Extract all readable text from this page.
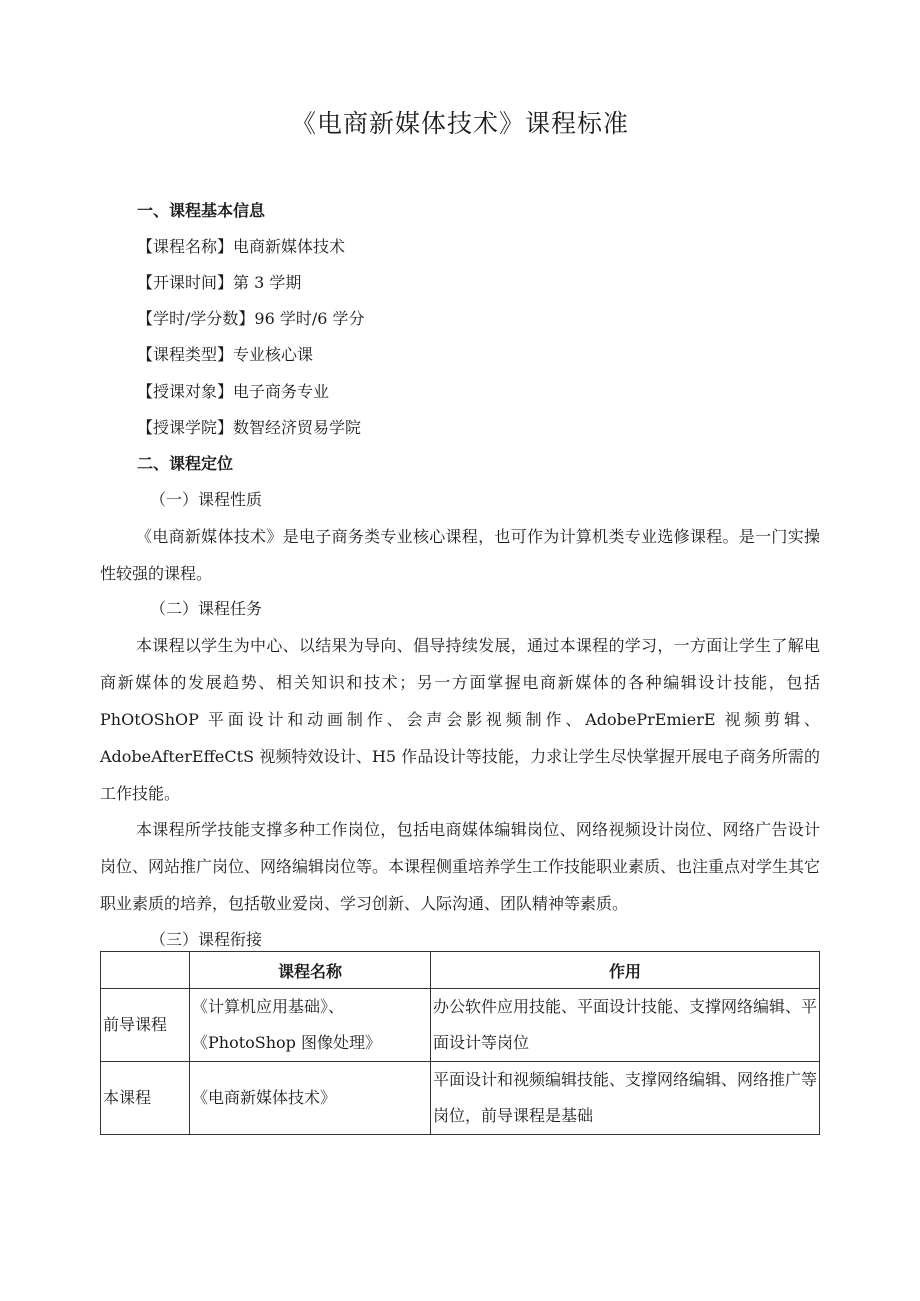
《电商新媒体技术》课程标准
一、课程基本信息
【课程名称】电商新媒体技术
【开课时间】第 3 学期
【学时/学分数】96 学时/6 学分
【课程类型】专业核心课
【授课对象】电子商务专业
【授课学院】数智经济贸易学院
二、课程定位
（一）课程性质
《电商新媒体技术》是电子商务类专业核心课程，也可作为计算机类专业选修课程。是一门实操性较强的课程。
（二）课程任务
本课程以学生为中心、以结果为导向、倡导持续发展，通过本课程的学习，一方面让学生了解电商新媒体的发展趋势、相关知识和技术；另一方面掌握电商新媒体的各种编辑设计技能，包括 PhOtOShOP 平面设计和动画制作、会声会影视频制作、AdobePrEmierE 视频剪辑、AdobeAfterEffeCtS 视频特效设计、H5 作品设计等技能，力求让学生尽快掌握开展电子商务所需的工作技能。
本课程所学技能支撑多种工作岗位，包括电商媒体编辑岗位、网络视频设计岗位、网络广告设计岗位、网站推广岗位、网络编辑岗位等。本课程侧重培养学生工作技能职业素质、也注重点对学生其它职业素质的培养，包括敬业爱岗、学习创新、人际沟通、团队精神等素质。
（三）课程衔接
	课程名称	作用
前导课程	《计算机应用基础》、《PhotoShop 图像处理》	办公软件应用技能、平面设计技能、支撑网络编辑、平面设计等岗位
本课程	《电商新媒体技术》	平面设计和视频编辑技能、支撑网络编辑、网络推广等岗位，前导课程是基础
